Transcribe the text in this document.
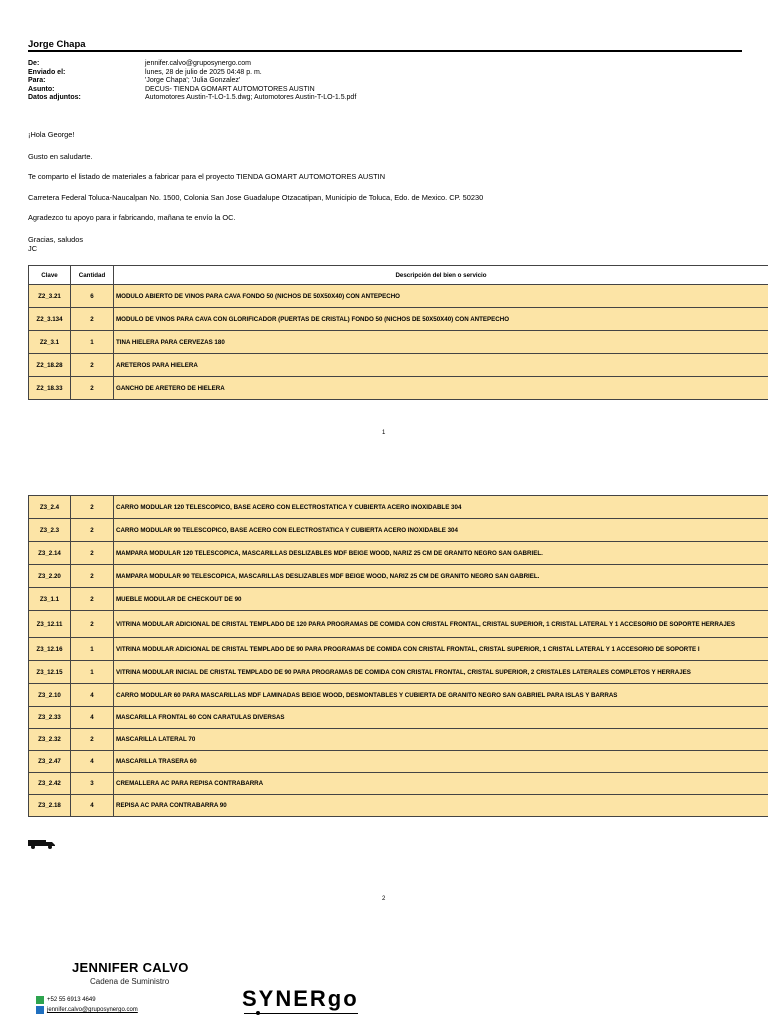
Jorge Chapa
De:	jennifer.calvo@gruposynergo.com
Enviado el:	lunes, 28 de julio de 2025 04:48 p. m.
Para:	'Jorge Chapa'; 'Julia Gonzalez'
Asunto:	DECUS- TIENDA GOMART AUTOMOTORES AUSTIN
Datos adjuntos:	Automotores Austin-T-LO-1.5.dwg; Automotores Austin-T-LO-1.5.pdf
¡Hola George!
Gusto en saludarte.
Te comparto el listado de materiales a fabricar para el proyecto TIENDA GOMART AUTOMOTORES AUSTIN
Carretera Federal Toluca-Naucalpan No. 1500, Colonia San Jose Guadalupe Otzacatipan, Municipio de Toluca, Edo. de Mexico. CP. 50230
Agradezco tu apoyo para ir fabricando, mañana te envío la OC.
Gracias, saludos
JC
Clave	Cantidad	Descripción del bien o servicio
Z2_3.21	6	MODULO ABIERTO DE VINOS PARA CAVA FONDO 50 (NICHOS DE 50X50X40) CON ANTEPECHO
Z2_3.134	2	MODULO DE VINOS PARA CAVA CON GLORIFICADOR (PUERTAS DE CRISTAL) FONDO 50 (NICHOS DE 50X50X40) CON ANTEPECHO
Z2_3.1	1	TINA HIELERA PARA CERVEZAS 180
Z2_18.28	2	ARETEROS PARA HIELERA
Z2_18.33	2	GANCHO DE ARETERO DE HIELERA
1
Z3_2.4	2	CARRO MODULAR 120 TELESCOPICO, BASE ACERO CON ELECTROSTATICA Y CUBIERTA ACERO INOXIDABLE 304
Z3_2.3	2	CARRO MODULAR 90 TELESCOPICO, BASE ACERO CON ELECTROSTATICA Y CUBIERTA ACERO INOXIDABLE 304
Z3_2.14	2	MAMPARA MODULAR 120 TELESCOPICA, MASCARILLAS DESLIZABLES MDF BEIGE WOOD, NARIZ 25 CM DE GRANITO NEGRO SAN GABRIEL.
Z3_2.20	2	MAMPARA MODULAR 90 TELESCOPICA, MASCARILLAS DESLIZABLES MDF BEIGE WOOD, NARIZ 25 CM DE GRANITO NEGRO SAN GABRIEL.
Z3_1.1	2	MUEBLE MODULAR DE CHECKOUT DE 90
Z3_12.11	2	VITRINA MODULAR ADICIONAL DE CRISTAL TEMPLADO DE 120 PARA PROGRAMAS DE COMIDA CON CRISTAL FRONTAL, CRISTAL SUPERIOR, 1 CRISTAL LATERAL Y 1 ACCESORIO DE SOPORTE HERRAJES
Z3_12.16	1	VITRINA MODULAR ADICIONAL DE CRISTAL TEMPLADO DE 90 PARA PROGRAMAS DE COMIDA CON CRISTAL FRONTAL, CRISTAL SUPERIOR, 1 CRISTAL LATERAL Y 1 ACCESORIO DE SOPORTE I
Z3_12.15	1	VITRINA MODULAR INICIAL DE CRISTAL TEMPLADO DE 90 PARA PROGRAMAS DE COMIDA CON CRISTAL FRONTAL, CRISTAL SUPERIOR, 2 CRISTALES LATERALES COMPLETOS Y HERRAJES
Z3_2.10	4	CARRO MODULAR 60 PARA MASCARILLAS MDF LAMINADAS BEIGE WOOD, DESMONTABLES Y CUBIERTA DE GRANITO NEGRO SAN GABRIEL PARA ISLAS Y BARRAS
Z3_2.33	4	MASCARILLA FRONTAL 60 CON CARATULAS DIVERSAS
Z3_2.32	2	MASCARILLA LATERAL 70
Z3_2.47	4	MASCARILLA TRASERA 60
Z3_2.42	3	CREMALLERA AC PARA REPISA CONTRABARRA
Z3_2.18	4	REPISA AC PARA CONTRABARRA 90
2
JENNIFER CALVO
Cadena de Suministro
+52 55 6913 4649
jennifer.calvo@gruposynergo.com	SYNERgo
